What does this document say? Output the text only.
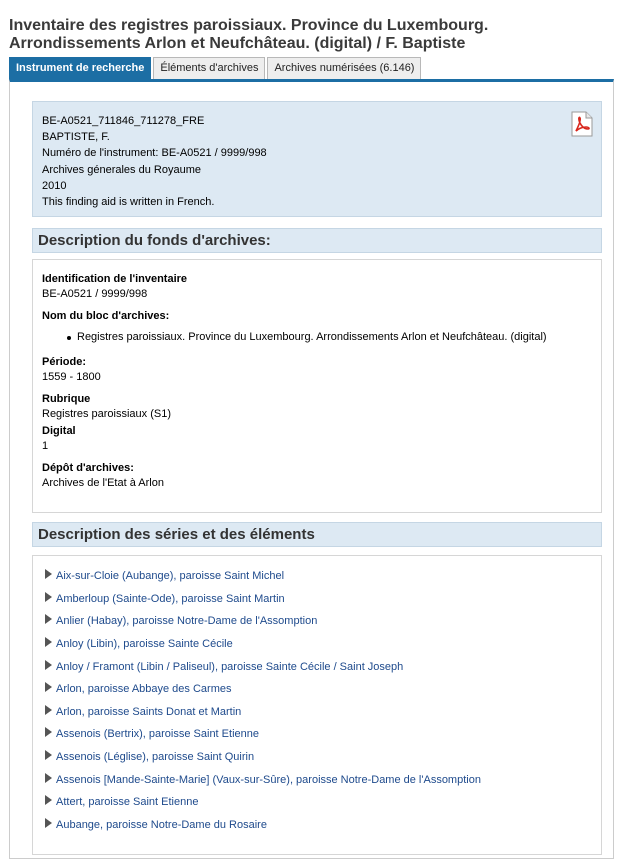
Inventaire des registres paroissiaux. Province du Luxembourg.
Arrondissements Arlon et Neufchâteau. (digital) / F. Baptiste
Instrument de recherche	Éléments d'archives	Archives numérisées (6.146)
BE-A0521_711846_711278_FRE
BAPTISTE, F.
Numéro de l'instrument: BE-A0521 / 9999/998
Archives génerales du Royaume
2010
This finding aid is written in French.
Description du fonds d'archives:
Identification de l'inventaire
BE-A0521 / 9999/998
Nom du bloc d'archives:
Registres paroissiaux. Province du Luxembourg. Arrondissements Arlon et Neufchâteau. (digital)
Période:
1559 - 1800
Rubrique
Registres paroissiaux (S1)
Digital
1
Dépôt d'archives:
Archives de l'Etat à Arlon
Description des séries et des éléments
Aix-sur-Cloie (Aubange), paroisse Saint Michel
Amberloup (Sainte-Ode), paroisse Saint Martin
Anlier (Habay), paroisse Notre-Dame de l'Assomption
Anloy (Libin), paroisse Sainte Cécile
Anloy / Framont (Libin / Paliseul), paroisse Sainte Cécile / Saint Joseph
Arlon, paroisse Abbaye des Carmes
Arlon, paroisse Saints Donat et Martin
Assenois (Bertrix), paroisse Saint Etienne
Assenois (Léglise), paroisse Saint Quirin
Assenois [Mande-Sainte-Marie] (Vaux-sur-Sûre), paroisse Notre-Dame de l'Assomption
Attert, paroisse Saint Etienne
Aubange, paroisse Notre-Dame du Rosaire
